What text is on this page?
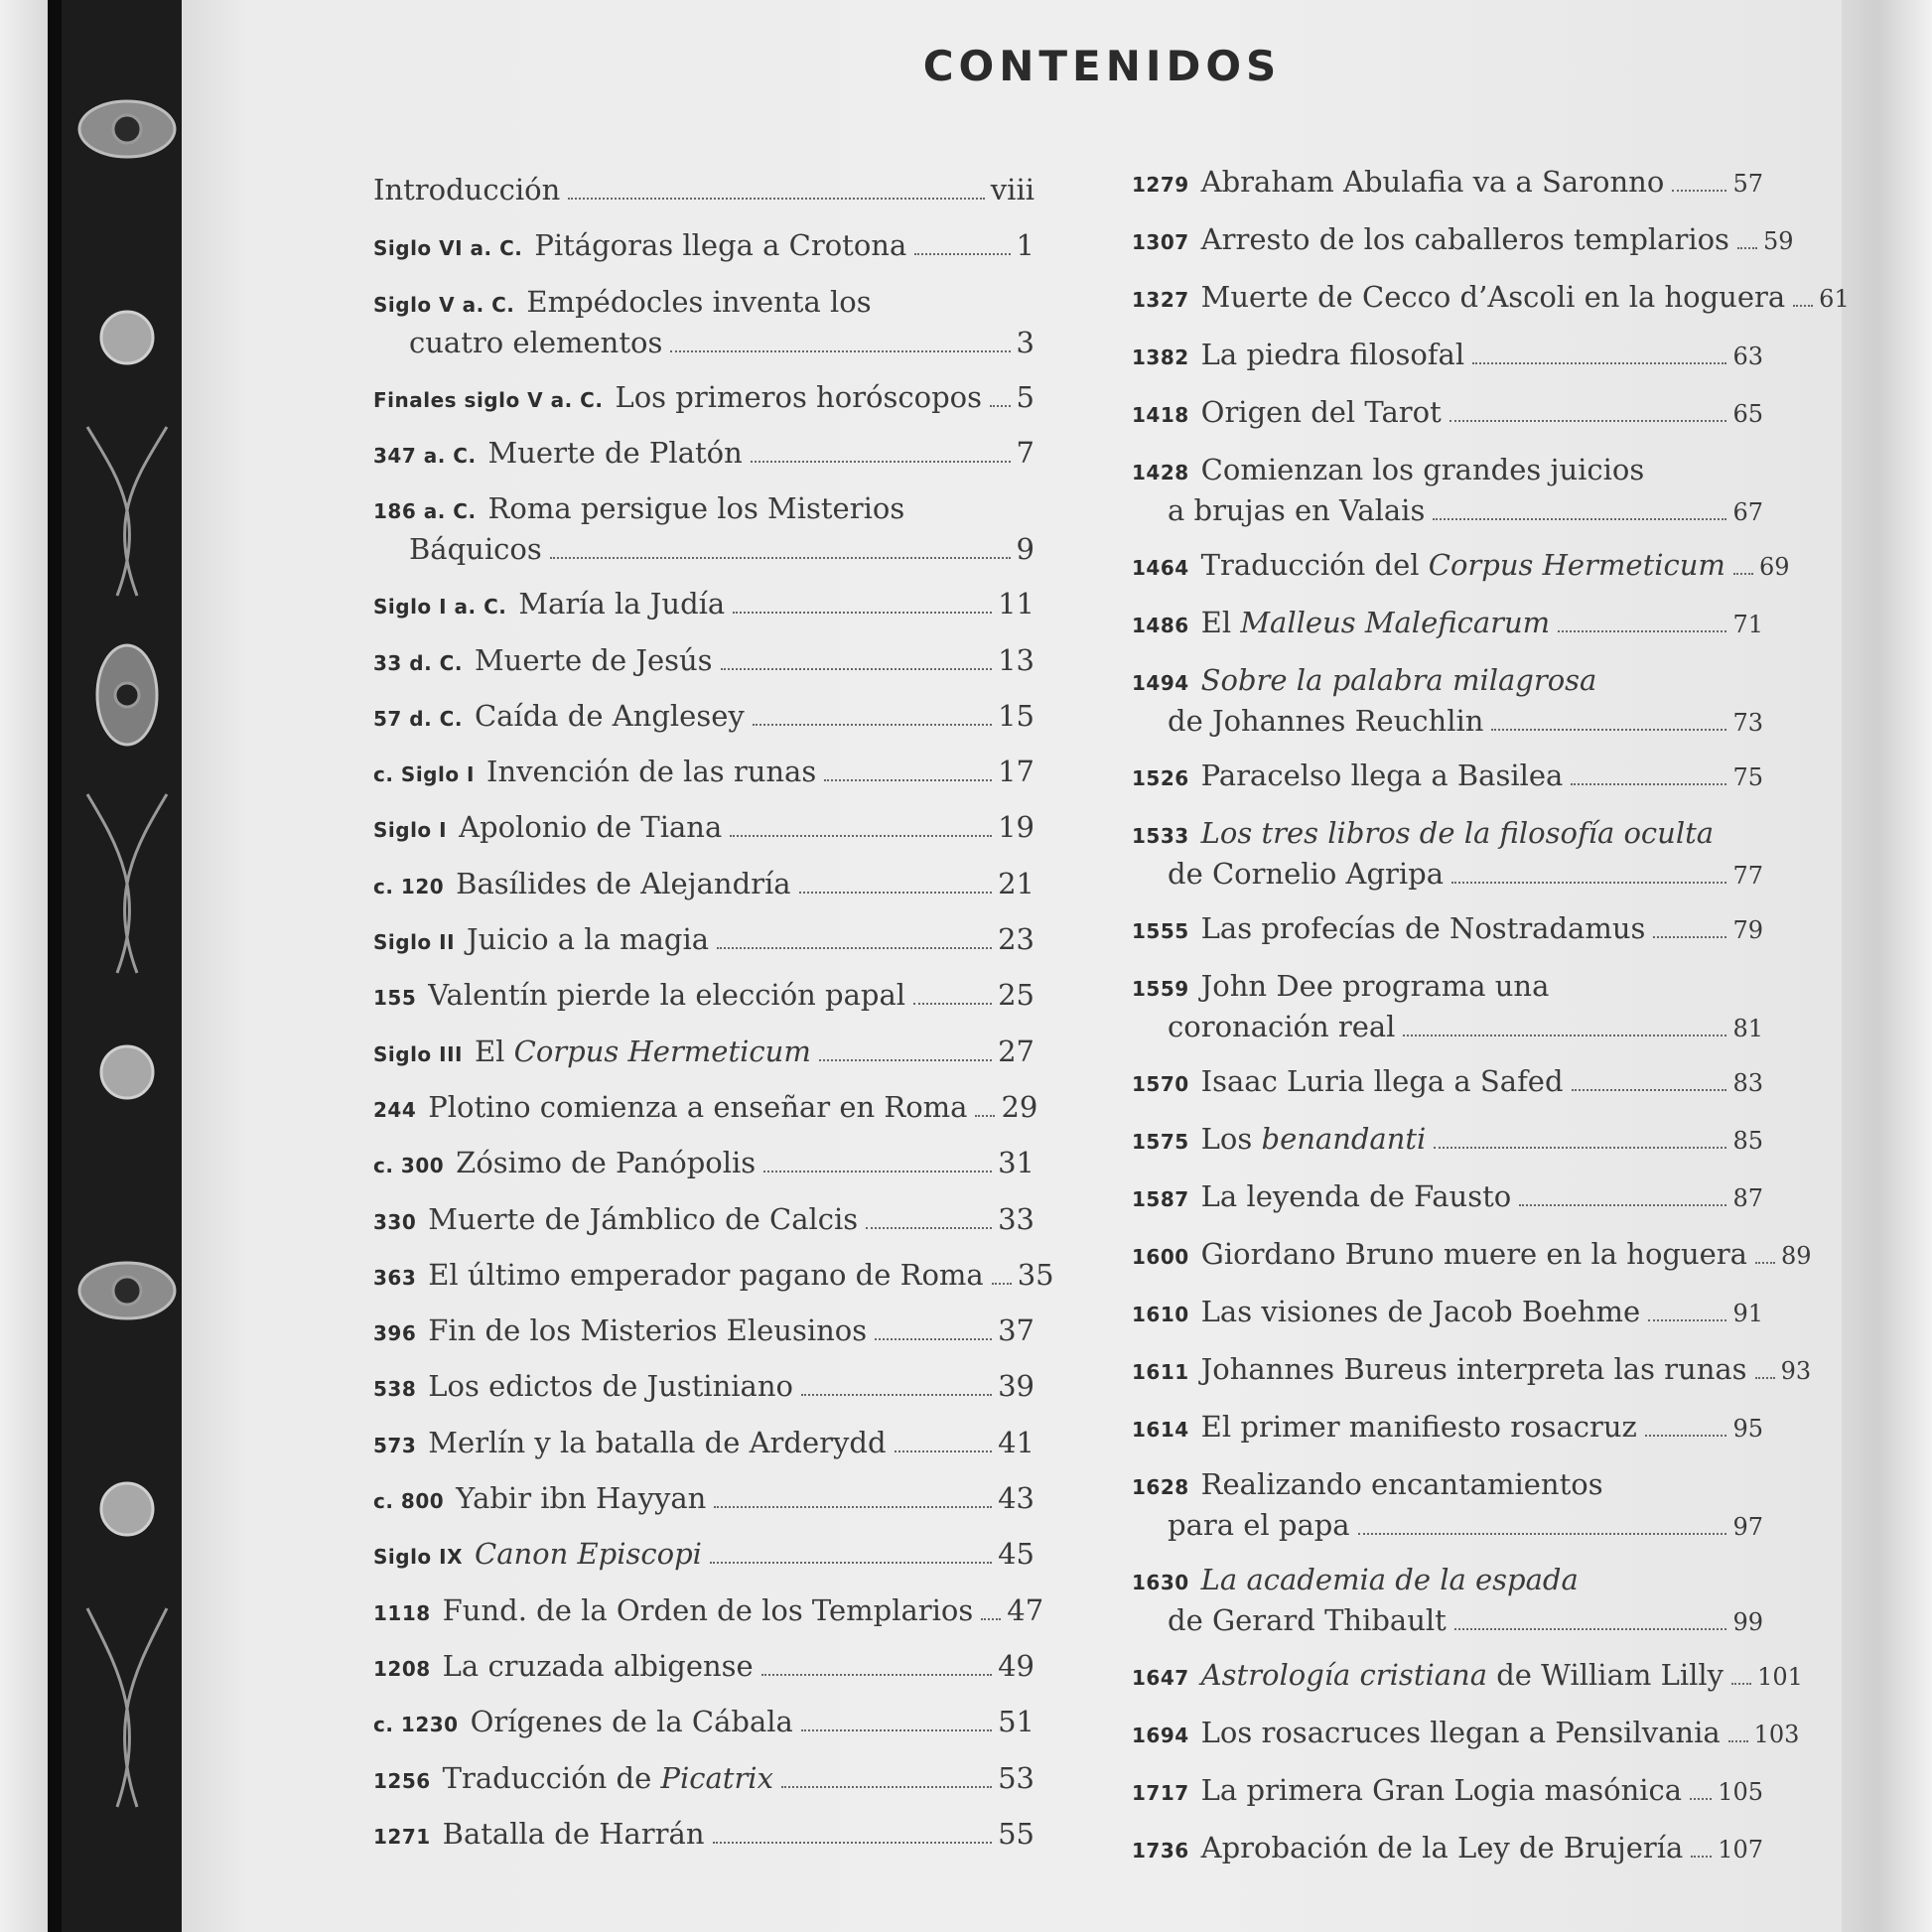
CONTENIDOS
Introducción	viii
Siglo VI a. C. Pitágoras llega a Crotona	1
Siglo V a. C. Empédocles inventa los
cuatro elementos	3
Finales siglo V a. C. Los primeros horóscopos 5
347 a. C. Muerte de Platón	7
186 a. C. Roma persigue los Misterios
Báquicos	9
Siglo I a. C. María la Judía	11
33 d. C. Muerte de Jesús	13
57 d. C. Caída de Anglesey	15
c. Siglo I Invención de las runas	17
Siglo I Apolonio de Tiana	19
c. 120 Basílides de Alejandría	21
Siglo II Juicio a la magia	23
155 Valentín pierde la elección papal	25
Siglo III El Corpus Hermeticum	27
244 Plotino comienza a enseñar en Roma 29
c. 300 Zósimo de Panópolis	31
330 Muerte de Jámblico de Calcis	33
363 El último emperador pagano de Roma 35
396 Fin de los Misterios Eleusinos	37
538 Los edictos de Justiniano	39
573 Merlín y la batalla de Arderydd	41
c. 800 Yabir ibn Hayyan	43
Siglo IX Canon Episcopi	45
1118 Fund. de la Orden de los Templarios 47
1208 La cruzada albigense	49
c. 1230 Orígenes de la Cábala	51
1256 Traducción de Picatrix	53
1271 Batalla de Harrán	55
1279 Abraham Abulafia va a Saronno	57
1307 Arresto de los caballeros templarios 59
1327 Muerte de Cecco d’Ascoli en la hoguera 61
1382 La piedra filosofal	63
1418 Origen del Tarot	65
1428 Comienzan los grandes juicios
a brujas en Valais	67
1464 Traducción del Corpus Hermeticum 69
1486 El Malleus Maleficarum	71
1494 Sobre la palabra milagrosa
de Johannes Reuchlin	73
1526 Paracelso llega a Basilea	75
1533 Los tres libros de la filosofía oculta
de Cornelio Agripa	77
1555 Las profecías de Nostradamus	79
1559 John Dee programa una
coronación real	81
1570 Isaac Luria llega a Safed	83
1575 Los benandanti	85
1587 La leyenda de Fausto	87
1600 Giordano Bruno muere en la hoguera 89
1610 Las visiones de Jacob Boehme	91
1611 Johannes Bureus interpreta las runas 93
1614 El primer manifiesto rosacruz	95
1628 Realizando encantamientos
para el papa	97
1630 La academia de la espada
de Gerard Thibault	99
1647 Astrología cristiana de William Lilly 101
1694 Los rosacruces llegan a Pensilvania 103
1717 La primera Gran Logia masónica 105
1736 Aprobación de la Ley de Brujería 107
